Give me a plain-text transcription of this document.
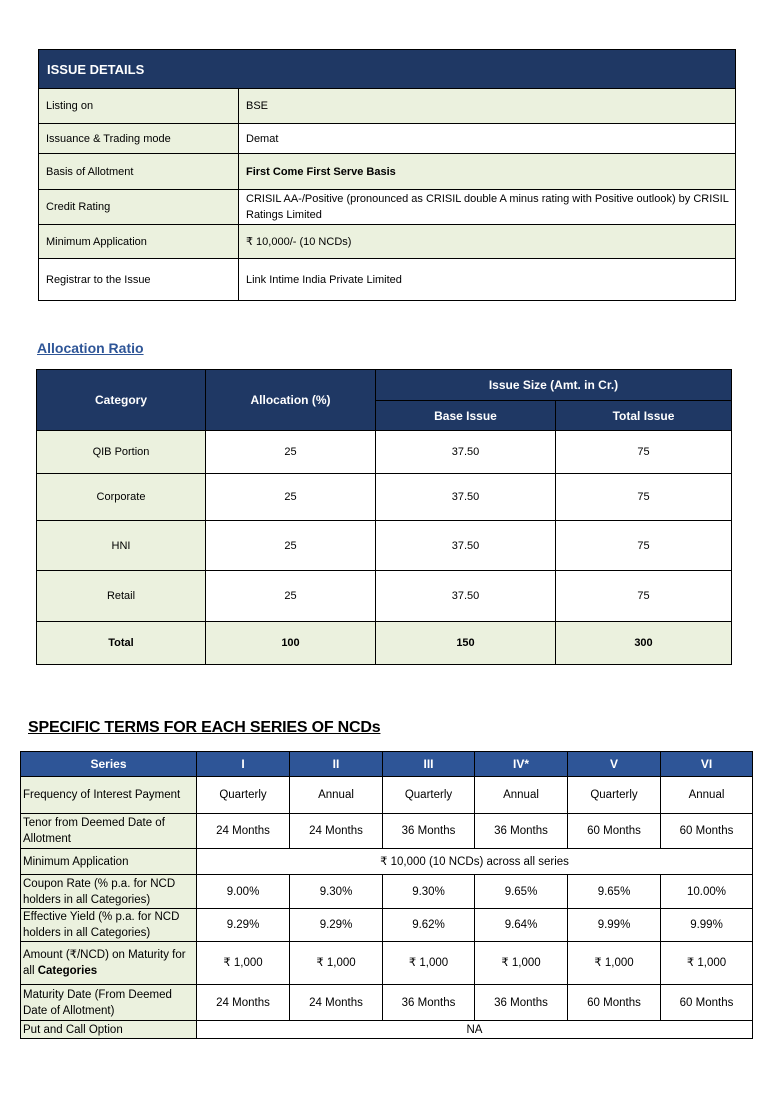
ISSUE DETAILS	
Listing on	BSE
Issuance & Trading mode	Demat
Basis of Allotment	First Come First Serve Basis
Credit Rating	CRISIL AA-/Positive (pronounced as CRISIL double A minus rating with Positive outlook) by CRISIL Ratings Limited
Minimum Application	₹ 10,000/- (10 NCDs)
Registrar to the Issue	Link Intime India Private Limited
Allocation Ratio
Category	Allocation (%)	Issue Size (Amt. in Cr.)	
		Base Issue	Total Issue
QIB Portion	25	37.50	75
Corporate	25	37.50	75
HNI	25	37.50	75
Retail	25	37.50	75
Total	100	150	300
SPECIFIC TERMS FOR EACH SERIES OF NCDs
Series	I	II	III	IV*	V	VI
Frequency of Interest Payment	Quarterly	Annual	Quarterly	Annual	Quarterly	Annual
Tenor from Deemed Date of Allotment	24 Months	24 Months	36 Months	36 Months	60 Months	60 Months
Minimum Application	₹ 10,000 (10 NCDs) across all series					
Coupon Rate (% p.a. for NCD holders in all Categories)	9.00%	9.30%	9.30%	9.65%	9.65%	10.00%
Effective Yield (% p.a. for NCD holders in all Categories)	9.29%	9.29%	9.62%	9.64%	9.99%	9.99%
Amount (₹/NCD) on Maturity for all Categories	₹ 1,000	₹ 1,000	₹ 1,000	₹ 1,000	₹ 1,000	₹ 1,000
Maturity Date (From Deemed Date of Allotment)	24 Months	24 Months	36 Months	36 Months	60 Months	60 Months
Put and Call Option	NA					
